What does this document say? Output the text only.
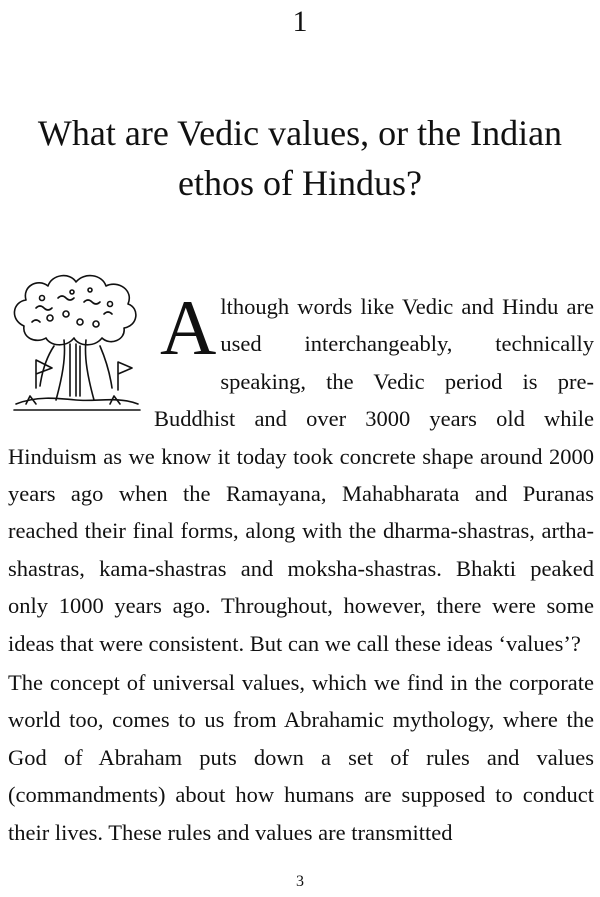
1
What are Vedic values, or the Indian ethos of Hindus?

A lthough words like Vedic and Hindu are used interchangeably, technically speaking, the Vedic period is pre-Buddhist and over 3000 years old while Hinduism as we know it today took concrete shape around 2000 years ago when the Ramayana, Mahabharata and Puranas reached their final forms, along with the dharma-shastras, artha-shastras, kama-shastras and moksha-shastras. Bhakti peaked only 1000 years ago. Throughout, however, there were some ideas that were consistent. But can we call these ideas ‘values’?

The concept of universal values, which we find in the corporate world too, comes to us from Abrahamic mythology, where the God of Abraham puts down a set of rules and values (commandments) about how humans are supposed to conduct their lives. These rules and values are transmitted

3
